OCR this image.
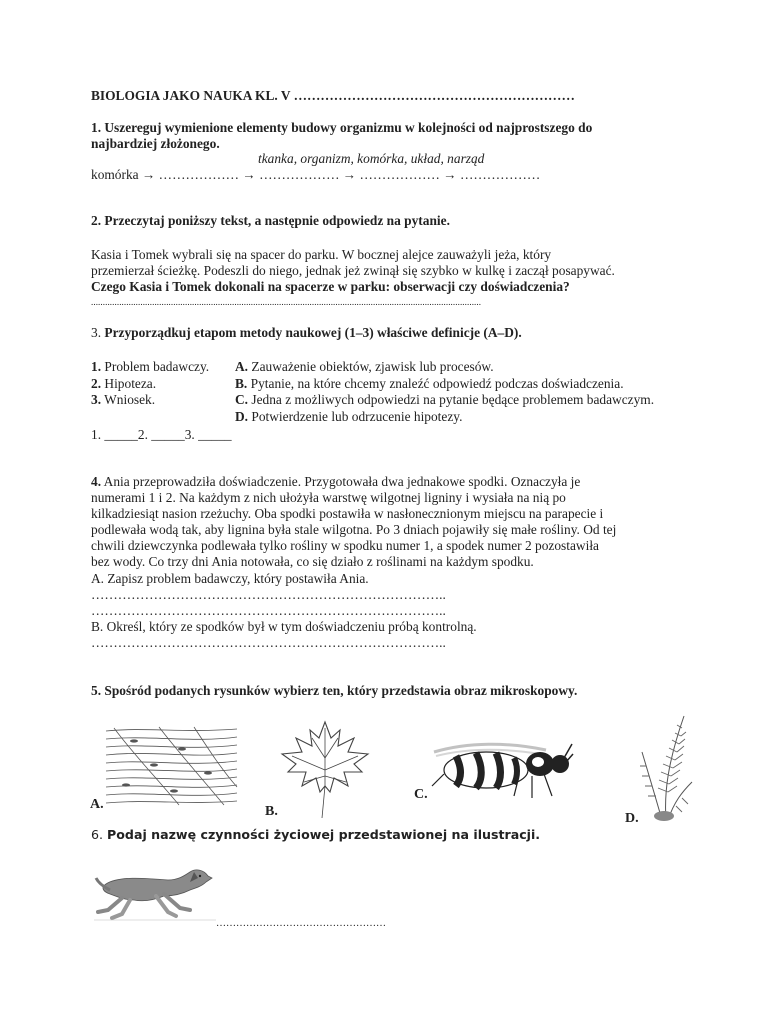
BIOLOGIA JAKO NAUKA KL. V ………………………………………………………
1. Uszereguj wymienione elementy budowy organizmu w kolejności od najprostszego do
najbardziej złożonego.
tkanka, organizm, komórka, układ, narząd
komórka → ……………… → ……………… → ……………… → ………………
2. Przeczytaj poniższy tekst, a następnie odpowiedz na pytanie.
Kasia i Tomek wybrali się na spacer do parku. W bocznej alejce zauważyli jeża, który
przemierzał ścieżkę. Podeszli do niego, jednak jeż zwinął się szybko w kulkę i zaczął posapywać.
Czego Kasia i Tomek dokonali na spacerze w parku: obserwacji czy doświadczenia?
......................................................................................................................................................................
3. Przyporządkuj etapom metody naukowej (1–3) właściwe definicje (A–D).
1. Problem badawczy.
2. Hipoteza.
3. Wniosek.
A. Zauważenie obiektów, zjawisk lub procesów.
B. Pytanie, na które chcemy znaleźć odpowiedź podczas doświadczenia.
C. Jedna z możliwych odpowiedzi na pytanie będące problemem badawczym.
D. Potwierdzenie lub odrzucenie hipotezy.
1. _____2. _____3. _____
4. Ania przeprowadziła doświadczenie. Przygotowała dwa jednakowe spodki. Oznaczyła je
numerami 1 i 2. Na każdym z nich ułożyła warstwę wilgotnej ligniny i wysiała na nią po
kilkadziesiąt nasion rzeżuchy. Oba spodki postawiła w nasłonecznionym miejscu na parapecie i
podlewała wodą tak, aby lignina była stale wilgotna. Po 3 dniach pojawiły się małe rośliny. Od tej
chwili dziewczynka podlewała tylko rośliny w spodku numer 1, a spodek numer 2 pozostawiła
bez wody. Co trzy dni Ania notowała, co się działo z roślinami na każdym spodku.
A. Zapisz problem badawczy, który postawiła Ania.
……………………………………………………………………..
……………………………………………………………………..
B. Określ, który ze spodków był w tym doświadczeniu próbą kontrolną.
……………………………………………………………………..
5. Spośród podanych rysunków wybierz ten, który przedstawia obraz mikroskopowy.
A.	B.
C.
D.
6. Podaj nazwę czynności życiowej przedstawionej na ilustracji.
……………………………………………
